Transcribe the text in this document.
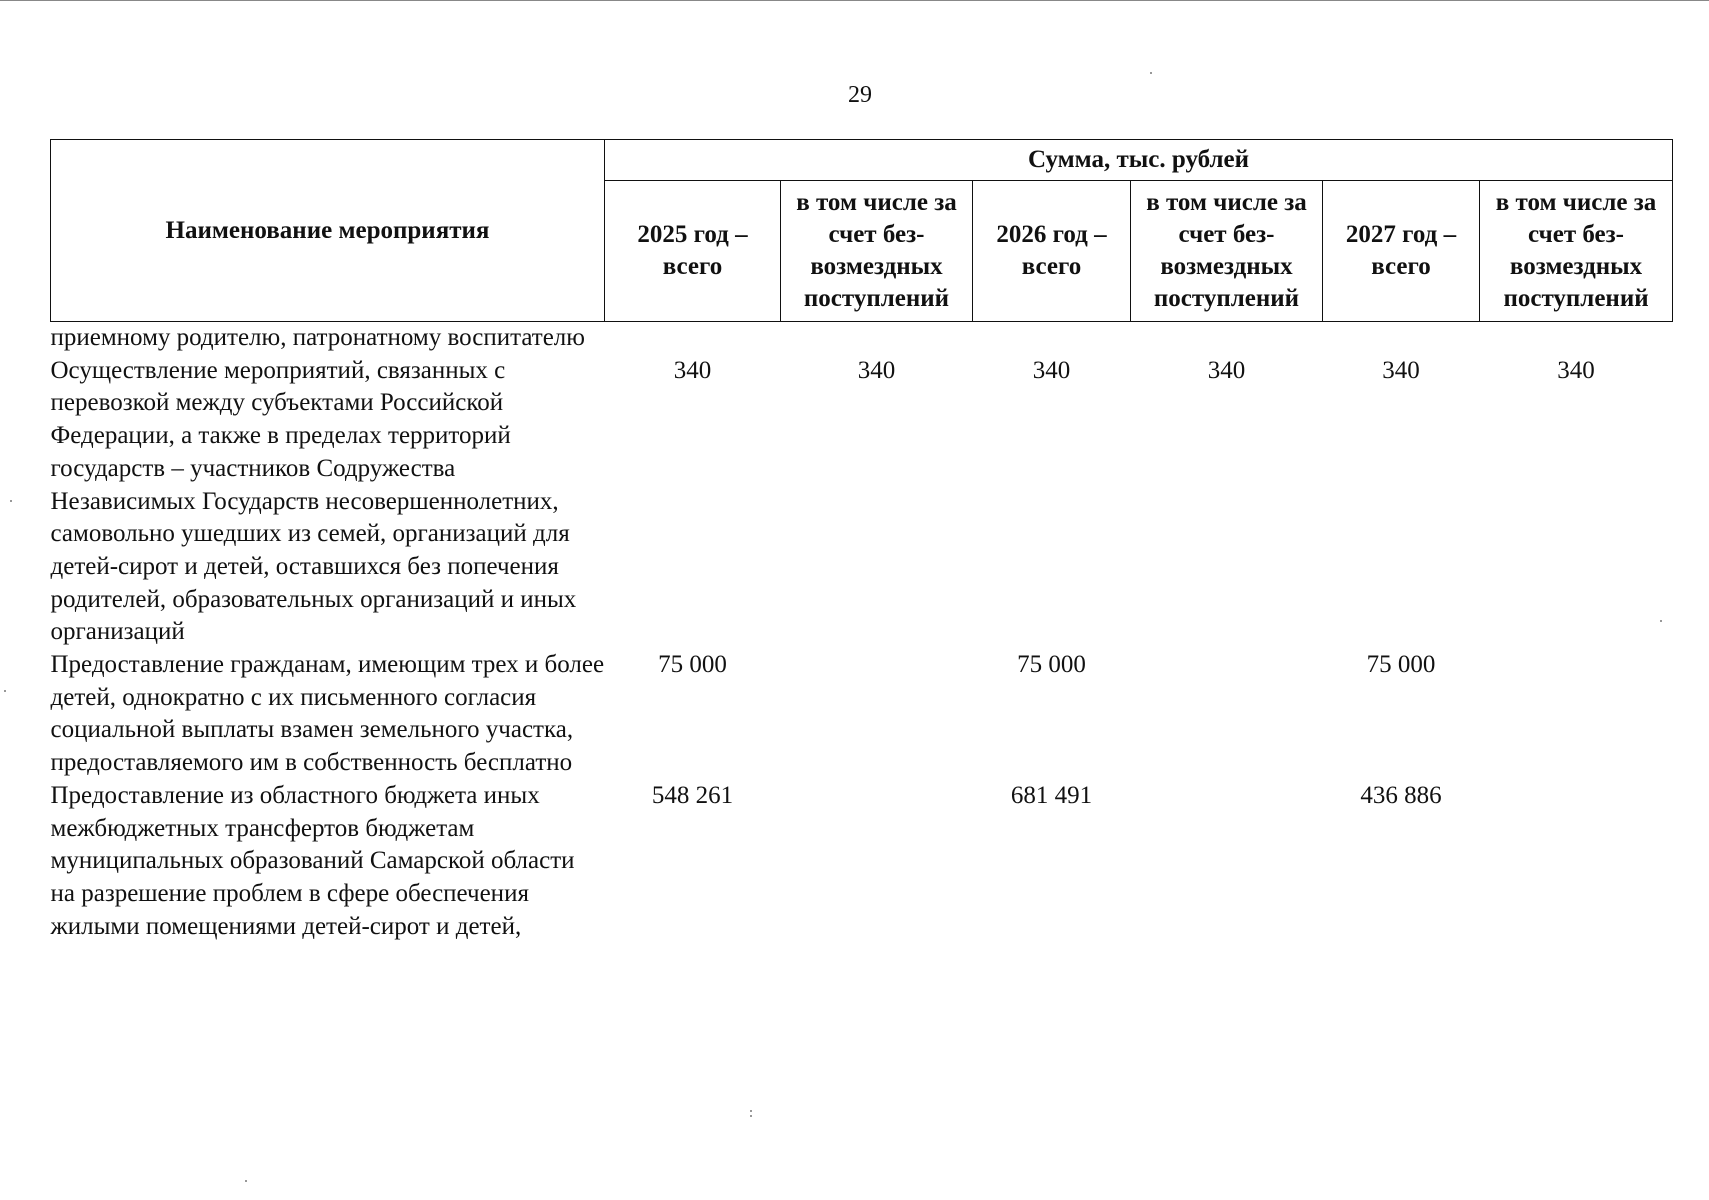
29
Наименование мероприятия	Сумма, тыс. рублей					
	2025 год – всего	в том числе за счет без- возмездных поступлений	2026 год – всего	в том числе за счет без- возмездных поступлений	2027 год – всего	в том числе за счет без- возмездных поступлений
приемному родителю, патронатному воспитателю						
Осуществление мероприятий, связанных с перевозкой между субъектами Российской Федерации, а также в пределах территорий государств – участников Содружества Независимых Государств несовершеннолетних, самовольно ушедших из семей, организаций для детей-сирот и детей, оставшихся без попечения родителей, образовательных организаций и иных организаций	340	340	340	340	340	340
Предоставление гражданам, имеющим трех и более детей, однократно с их письменного согласия социальной выплаты взамен земельного участка, предоставляемого им в собственность бесплатно	75 000		75 000		75 000	
Предоставление из областного бюджета иных межбюджетных трансфертов бюджетам муниципальных образований Самарской области на разрешение проблем в сфере обеспечения жилыми помещениями детей-сирот и детей,	548 261		681 491		436 886	
